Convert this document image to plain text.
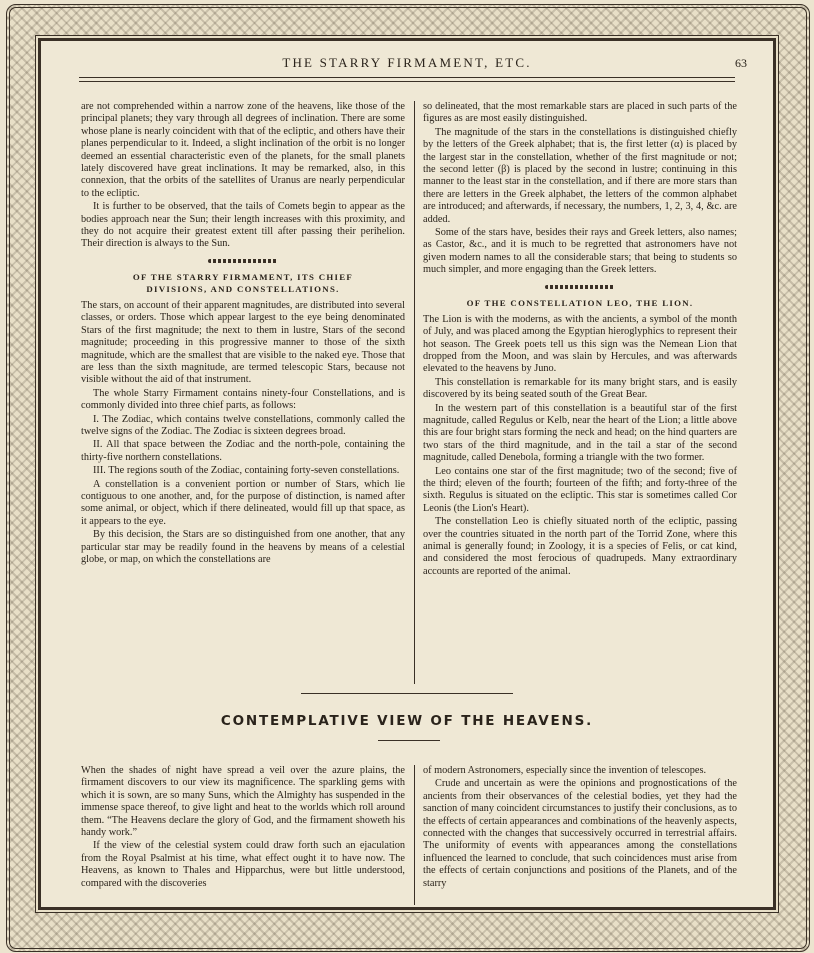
THE STARRY FIRMAMENT, ETC.	63

are not comprehended within a narrow zone of the heavens, like those of the principal planets; they vary through all degrees of inclination. There are some whose plane is nearly coincident with that of the ecliptic, and others have their planes perpendicular to it. Indeed, a slight inclination of the orbit is no longer deemed an essential characteristic even of the planets, for the small planets lately discovered have great inclinations. It may be remarked, also, in this connexion, that the orbits of the satellites of Uranus are nearly perpendicular to the ecliptic.

It is further to be observed, that the tails of Comets begin to appear as the bodies approach near the Sun; their length increases with this proximity, and they do not acquire their greatest extent till after passing their perihelion. Their direction is always to the Sun.

OF THE STARRY FIRMAMENT, ITS CHIEF
DIVISIONS, AND CONSTELLATIONS.

The stars, on account of their apparent magnitudes, are distributed into several classes, or orders. Those which appear largest to the eye being denominated Stars of the first magnitude; the next to them in lustre, Stars of the second magnitude; proceeding in this progressive manner to those of the sixth magnitude, which are the smallest that are visible to the naked eye. Those that are less than the sixth magnitude, are termed telescopic Stars, because not visible without the aid of that instrument.

The whole Starry Firmament contains ninety-four Constellations, and is commonly divided into three chief parts, as follows:

I. The Zodiac, which contains twelve constellations, commonly called the twelve signs of the Zodiac. The Zodiac is sixteen degrees broad.

II. All that space between the Zodiac and the north-pole, containing the thirty-five northern constellations.

III. The regions south of the Zodiac, containing forty-seven constellations.

A constellation is a convenient portion or number of Stars, which lie contiguous to one another, and, for the purpose of distinction, is named after some animal, or object, which if there delineated, would fill up that space, as it appears to the eye.

By this decision, the Stars are so distinguished from one another, that any particular star may be readily found in the heavens by means of a celestial globe, or map, on which the constellations are

so delineated, that the most remarkable stars are placed in such parts of the figures as are most easily distinguished.

The magnitude of the stars in the constellations is distinguished chiefly by the letters of the Greek alphabet; that is, the first letter (α) is placed by the largest star in the constellation, whether of the first magnitude or not; the second letter (β) is placed by the second in lustre; continuing in this manner to the least star in the constellation, and if there are more stars than there are letters in the Greek alphabet, the letters of the common alphabet are introduced; and afterwards, if necessary, the numbers, 1, 2, 3, 4, &c. are added.

Some of the stars have, besides their rays and Greek letters, also names; as Castor, &c., and it is much to be regretted that astronomers have not given modern names to all the considerable stars; that being to students so much simpler, and more engaging than the Greek letters.

OF THE CONSTELLATION LEO, THE LION.

The Lion is with the moderns, as with the ancients, a symbol of the month of July, and was placed among the Egyptian hieroglyphics to represent their hot season. The Greek poets tell us this sign was the Nemean Lion that dropped from the Moon, and was slain by Hercules, and was afterwards elevated to the heavens by Juno.

This constellation is remarkable for its many bright stars, and is easily discovered by its being seated south of the Great Bear.

In the western part of this constellation is a beautiful star of the first magnitude, called Regulus or Kelb, near the heart of the Lion; a little above this are four bright stars forming the neck and head; on the hind quarters are two stars of the third magnitude, and in the tail a star of the second magnitude, called Denebola, forming a triangle with the two former.

Leo contains one star of the first magnitude; two of the second; five of the third; eleven of the fourth; fourteen of the fifth; and forty-three of the sixth. Regulus is situated on the ecliptic. This star is sometimes called Cor Leonis (the Lion's Heart).

The constellation Leo is chiefly situated north of the ecliptic, passing over the countries situated in the north part of the Torrid Zone, where this animal is generally found; in Zoology, it is a species of Felis, or cat kind, and considered the most ferocious of quadrupeds. Many extraordinary accounts are reported of the animal.

CONTEMPLATIVE VIEW OF THE HEAVENS.

When the shades of night have spread a veil over the azure plains, the firmament discovers to our view its magnificence. The sparkling gems with which it is sown, are so many Suns, which the Almighty has suspended in the immense space thereof, to give light and heat to the worlds which roll around them. “The Heavens declare the glory of God, and the firmament showeth his handy work.”

If the view of the celestial system could draw forth such an ejaculation from the Royal Psalmist at his time, what effect ought it to have now. The Heavens, as known to Thales and Hipparchus, were but little understood, compared with the discoveries

of modern Astronomers, especially since the invention of telescopes.

Crude and uncertain as were the opinions and prognostications of the ancients from their observances of the celestial bodies, yet they had the sanction of many coincident circumstances to justify their conclusions, as to the effects of certain appearances and combinations of the heavenly aspects, connected with the changes that successively occurred in terrestrial affairs. The uniformity of events with appearances among the constellations influenced the learned to conclude, that such coincidences must arise from the effects of certain conjunctions and positions of the Planets, and of the starry
